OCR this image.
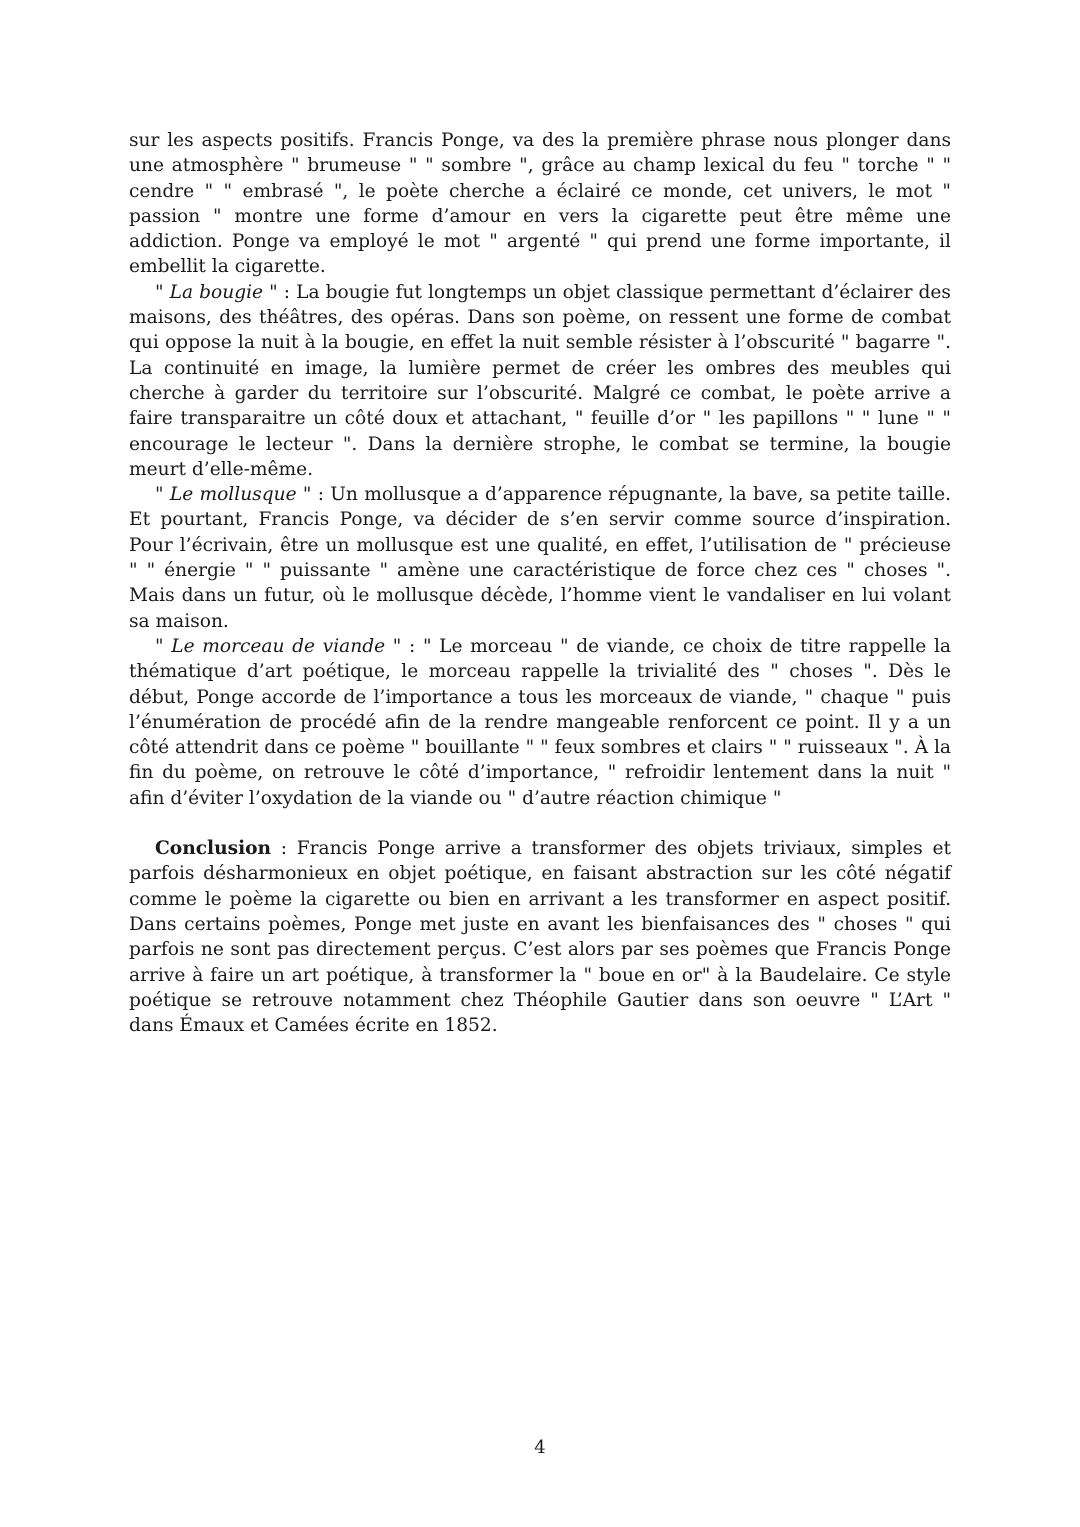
sur les aspects positifs. Francis Ponge, va des la première phrase nous plonger dans une atmosphère " brumeuse " " sombre ", grâce au champ lexical du feu " torche " " cendre " " embrasé ", le poète cherche a éclairé ce monde, cet univers, le mot " passion " montre une forme d’amour en vers la cigarette peut être même une addiction. Ponge va employé le mot " argenté " qui prend une forme importante, il embellit la cigarette.

" La bougie " : La bougie fut longtemps un objet classique permettant d’éclairer des maisons, des théâtres, des opéras. Dans son poème, on ressent une forme de combat qui oppose la nuit à la bougie, en effet la nuit semble résister à l’obscurité " bagarre ". La continuité en image, la lumière permet de créer les ombres des meubles qui cherche à garder du territoire sur l’obscurité. Malgré ce combat, le poète arrive a faire transparaitre un côté doux et attachant, " feuille d’or " les papillons " " lune " " encourage le lecteur ". Dans la dernière strophe, le combat se termine, la bougie meurt d’elle-même.

" Le mollusque " : Un mollusque a d’apparence répugnante, la bave, sa petite taille. Et pourtant, Francis Ponge, va décider de s’en servir comme source d’inspiration. Pour l’écrivain, être un mollusque est une qualité, en effet, l’utilisation de " précieuse " " énergie " " puissante " amène une caractéristique de force chez ces " choses ". Mais dans un futur, où le mollusque décède, l’homme vient le vandaliser en lui volant sa maison.

" Le morceau de viande " : " Le morceau " de viande, ce choix de titre rappelle la thématique d’art poétique, le morceau rappelle la trivialité des " choses ". Dès le début, Ponge accorde de l’importance a tous les morceaux de viande, " chaque " puis l’énumération de procédé afin de la rendre mangeable renforcent ce point. Il y a un côté attendrit dans ce poème " bouillante " " feux sombres et clairs " " ruisseaux ". À la fin du poème, on retrouve le côté d’importance, " refroidir lentement dans la nuit " afin d’éviter l’oxydation de la viande ou " d’autre réaction chimique "

Conclusion : Francis Ponge arrive a transformer des objets triviaux, simples et parfois désharmonieux en objet poétique, en faisant abstraction sur les côté négatif comme le poème la cigarette ou bien en arrivant a les transformer en aspect positif. Dans certains poèmes, Ponge met juste en avant les bienfaisances des " choses " qui parfois ne sont pas directement perçus. C’est alors par ses poèmes que Francis Ponge arrive à faire un art poétique, à transformer la " boue en or" à la Baudelaire. Ce style poétique se retrouve notamment chez Théophile Gautier dans son oeuvre " L’Art " dans Émaux et Camées écrite en 1852.

4
